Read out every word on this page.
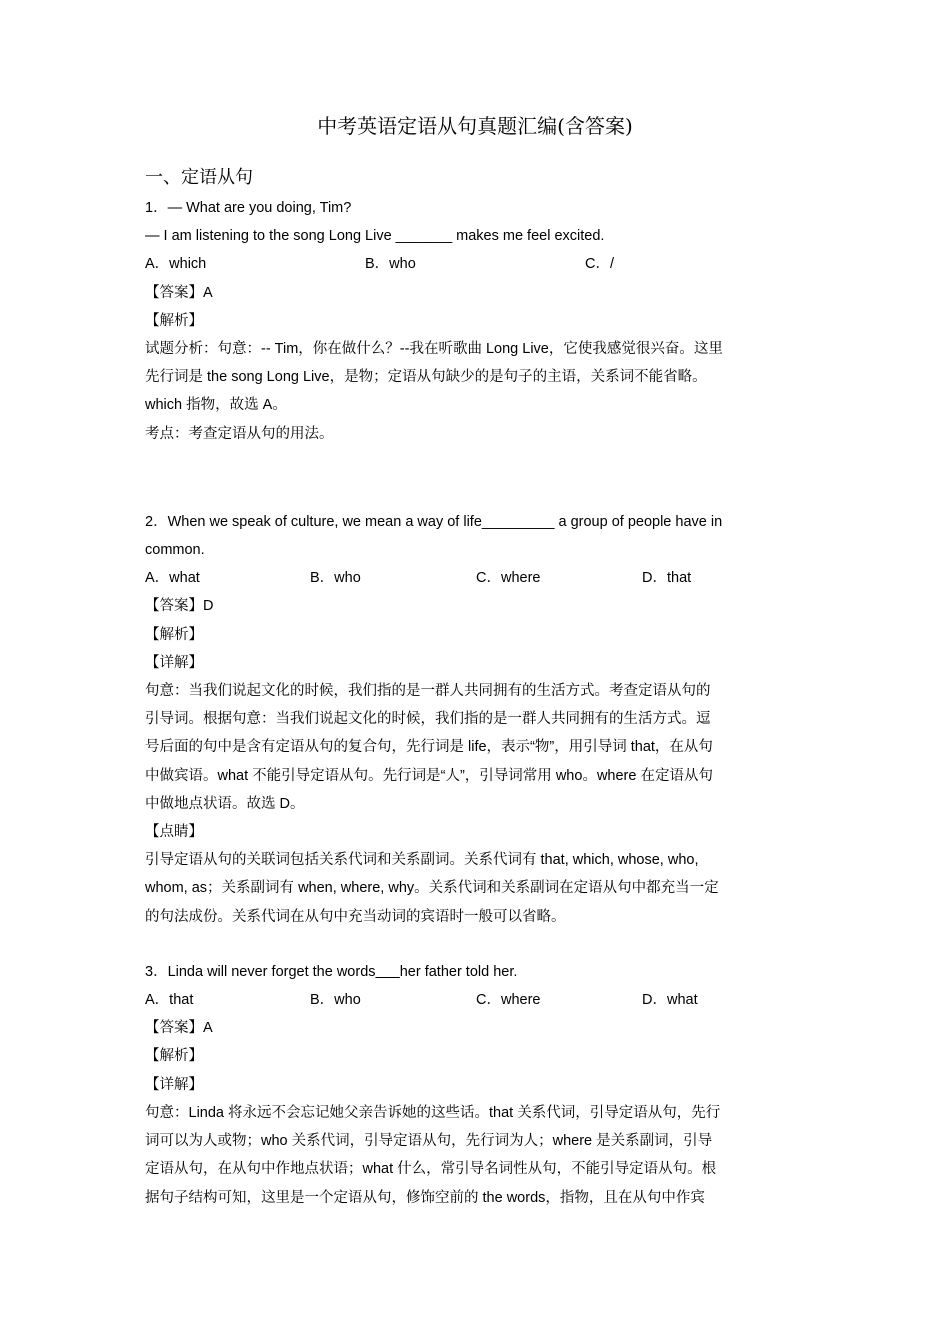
中考英语定语从句真题汇编(含答案)
一、定语从句
1．— What are you doing, Tim?
— I am listening to the song Long Live _______ makes me feel excited.
A．which	B．who	C．/
【答案】A
【解析】
试题分析：句意：-- Tim，你在做什么？--我在听歌曲 Long Live，它使我感觉很兴奋。这里
先行词是 the song Long Live，是物；定语从句缺少的是句子的主语，关系词不能省略。
which 指物，故选 A。
考点：考查定语从句的用法。
2．When we speak of culture, we mean a way of life_________ a group of people have in
common.
A．what	B．who	C．where	D．that
【答案】D
【解析】
【详解】
句意：当我们说起文化的时候，我们指的是一群人共同拥有的生活方式。考查定语从句的
引导词。根据句意：当我们说起文化的时候，我们指的是一群人共同拥有的生活方式。逗
号后面的句中是含有定语从句的复合句，先行词是 life，表示“物”，用引导词 that，在从句
中做宾语。what 不能引导定语从句。先行词是“人”，引导词常用 who。where 在定语从句
中做地点状语。故选 D。
【点睛】
引导定语从句的关联词包括关系代词和关系副词。关系代词有 that, which, whose, who,
whom, as；关系副词有 when, where, why。关系代词和关系副词在定语从句中都充当一定
的句法成份。关系代词在从句中充当动词的宾语时一般可以省略。
3．Linda will never forget the words___her father told her.
A．that	B．who	C．where	D．what
【答案】A
【解析】
【详解】
句意：Linda 将永远不会忘记她父亲告诉她的这些话。that 关系代词，引导定语从句，先行
词可以为人或物；who 关系代词，引导定语从句，先行词为人；where 是关系副词，引导
定语从句，在从句中作地点状语；what 什么，常引导名词性从句，不能引导定语从句。根
据句子结构可知，这里是一个定语从句，修饰空前的 the words，指物，且在从句中作宾
